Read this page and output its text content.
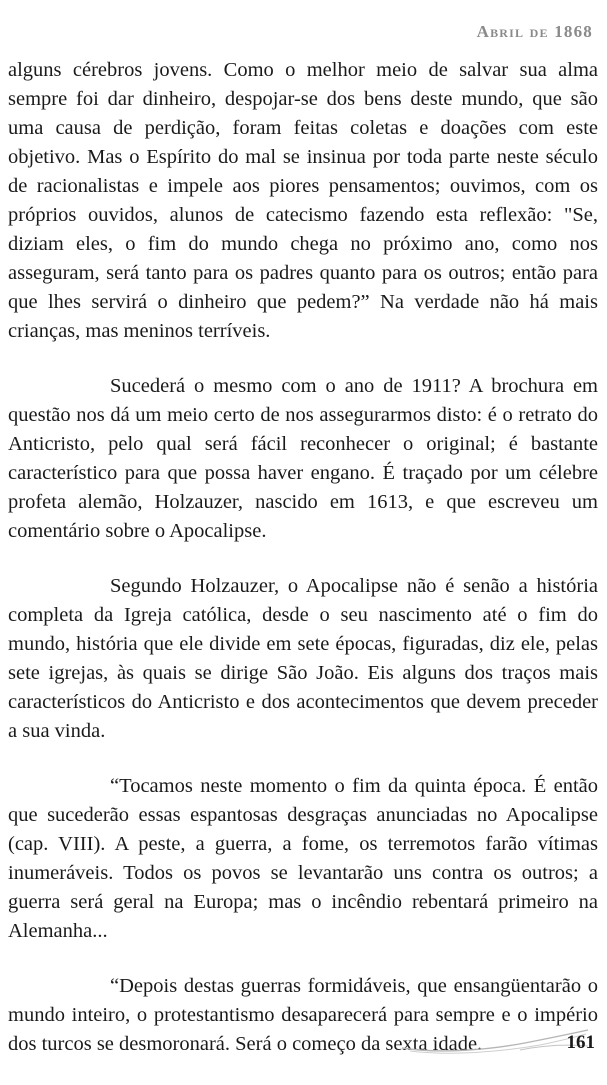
Abril de 1868

alguns cérebros jovens. Como o melhor meio de salvar sua alma sempre foi dar dinheiro, despojar-se dos bens deste mundo, que são uma causa de perdição, foram feitas coletas e doações com este objetivo. Mas o Espírito do mal se insinua por toda parte neste século de racionalistas e impele aos piores pensamentos; ouvimos, com os próprios ouvidos, alunos de catecismo fazendo esta reflexão: "Se, diziam eles, o fim do mundo chega no próximo ano, como nos asseguram, será tanto para os padres quanto para os outros; então para que lhes servirá o dinheiro que pedem?” Na verdade não há mais crianças, mas meninos terríveis.

Sucederá o mesmo com o ano de 1911? A brochura em questão nos dá um meio certo de nos assegurarmos disto: é o retrato do Anticristo, pelo qual será fácil reconhecer o original; é bastante característico para que possa haver engano. É traçado por um célebre profeta alemão, Holzauzer, nascido em 1613, e que escreveu um comentário sobre o Apocalipse.

Segundo Holzauzer, o Apocalipse não é senão a história completa da Igreja católica, desde o seu nascimento até o fim do mundo, história que ele divide em sete épocas, figuradas, diz ele, pelas sete igrejas, às quais se dirige São João. Eis alguns dos traços mais característicos do Anticristo e dos acontecimentos que devem preceder a sua vinda.

“Tocamos neste momento o fim da quinta época. É então que sucederão essas espantosas desgraças anunciadas no Apocalipse (cap. VIII). A peste, a guerra, a fome, os terremotos farão vítimas inumeráveis. Todos os povos se levantarão uns contra os outros; a guerra será geral na Europa; mas o incêndio rebentará primeiro na Alemanha...

“Depois destas guerras formidáveis, que ensangüentarão o mundo inteiro, o protestantismo desaparecerá para sempre e o império dos turcos se desmoronará. Será o começo da sexta idade.	161
